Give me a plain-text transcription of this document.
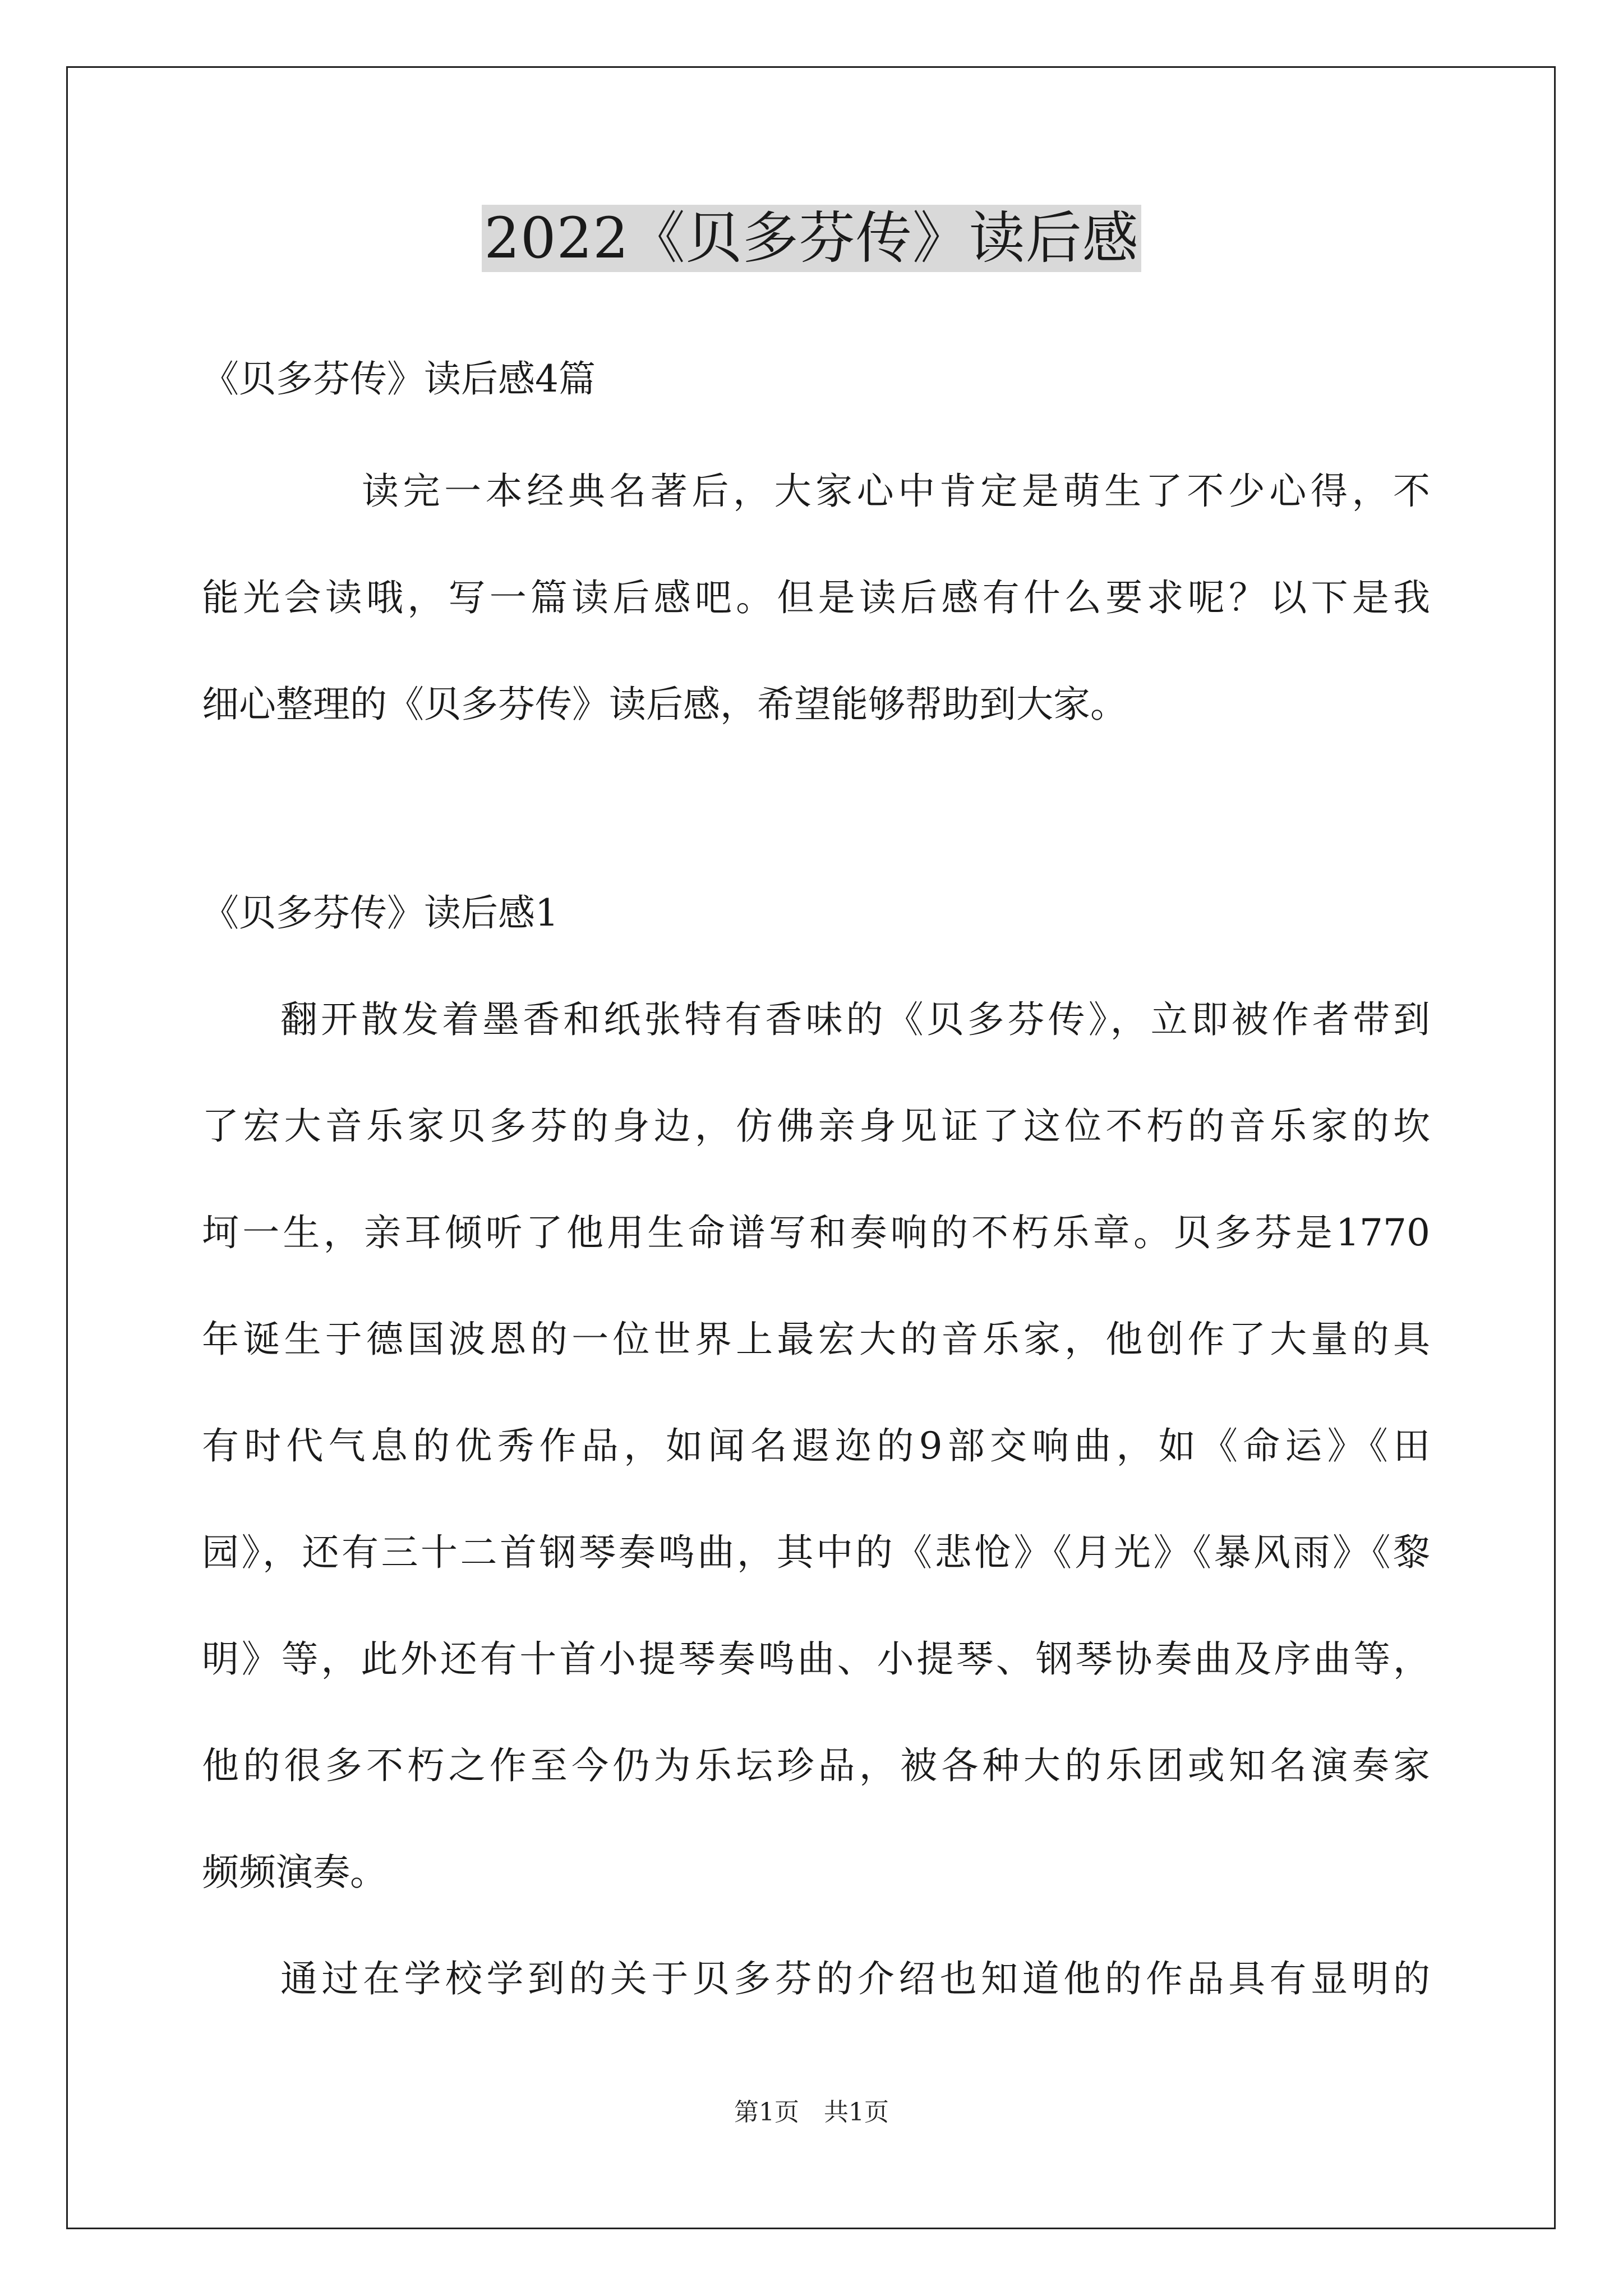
2022《贝多芬传》读后感
《贝多芬传》读后感4篇
读完一本经典名著后，大家心中肯定是萌生了不少心得，不
能光会读哦，写一篇读后感吧。但是读后感有什么要求呢？以下是我
细心整理的《贝多芬传》读后感，希望能够帮助到大家。
《贝多芬传》读后感1
翻开散发着墨香和纸张特有香味的《贝多芬传》，立即被作者带到
了宏大音乐家贝多芬的身边，仿佛亲身见证了这位不朽的音乐家的坎
坷一生，亲耳倾听了他用生命谱写和奏响的不朽乐章。贝多芬是1770
年诞生于德国波恩的一位世界上最宏大的音乐家，他创作了大量的具
有时代气息的优秀作品，如闻名遐迩的9部交响曲，如《命运》《田
园》，还有三十二首钢琴奏鸣曲，其中的《悲怆》《月光》《暴风雨》《黎
明》等，此外还有十首小提琴奏鸣曲、小提琴、钢琴协奏曲及序曲等，
他的很多不朽之作至今仍为乐坛珍品，被各种大的乐团或知名演奏家
频频演奏。
通过在学校学到的关于贝多芬的介绍也知道他的作品具有显明的
第1页　共1页
